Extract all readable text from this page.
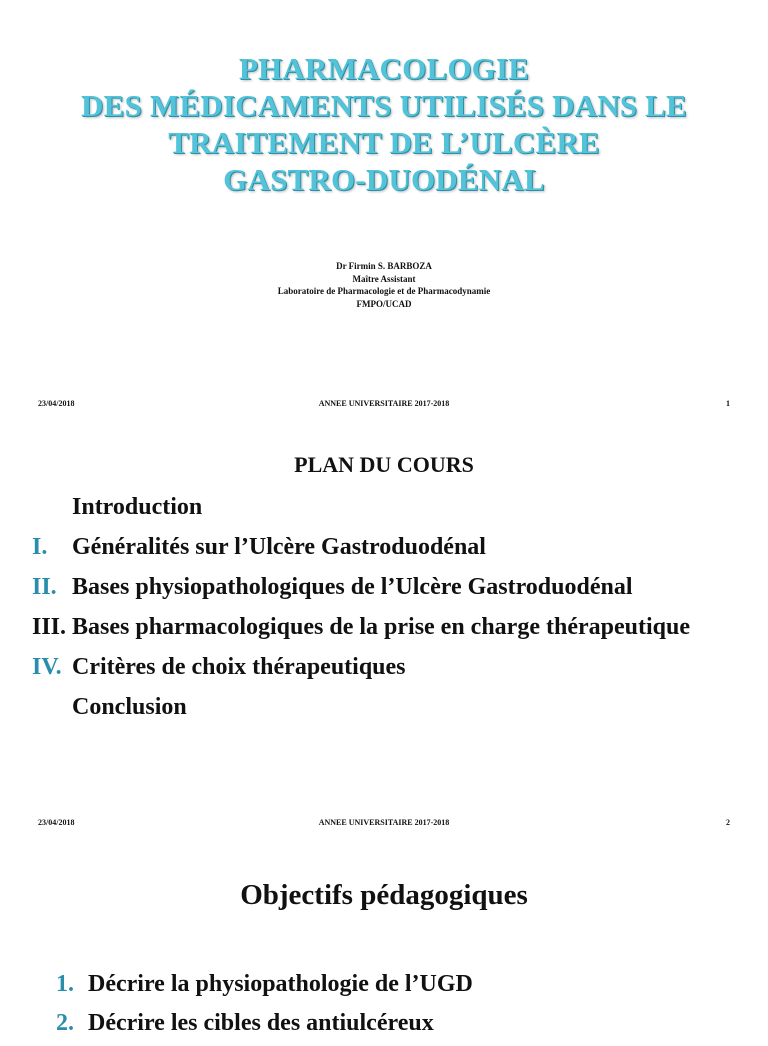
PHARMACOLOGIE
DES MÉDICAMENTS UTILISÉS DANS LE
TRAITEMENT DE L’ULCÈRE
GASTRO-DUODÉNAL
Dr Firmin S. BARBOZA
Maître Assistant
Laboratoire de Pharmacologie et de Pharmacodynamie
FMPO/UCAD
23/04/2018	ANNEE UNIVERSITAIRE 2017-2018	1
PLAN DU COURS
Introduction
I. Généralités sur l’Ulcère Gastroduodénal
II. Bases physiopathologiques de l’Ulcère Gastroduodénal
III. Bases pharmacologiques de la prise en charge thérapeutique
IV. Critères de choix thérapeutiques
Conclusion
23/04/2018	ANNEE UNIVERSITAIRE 2017-2018	2
Objectifs pédagogiques
1. Décrire la physiopathologie de l’UGD
2. Décrire les cibles des antiulcéreux
